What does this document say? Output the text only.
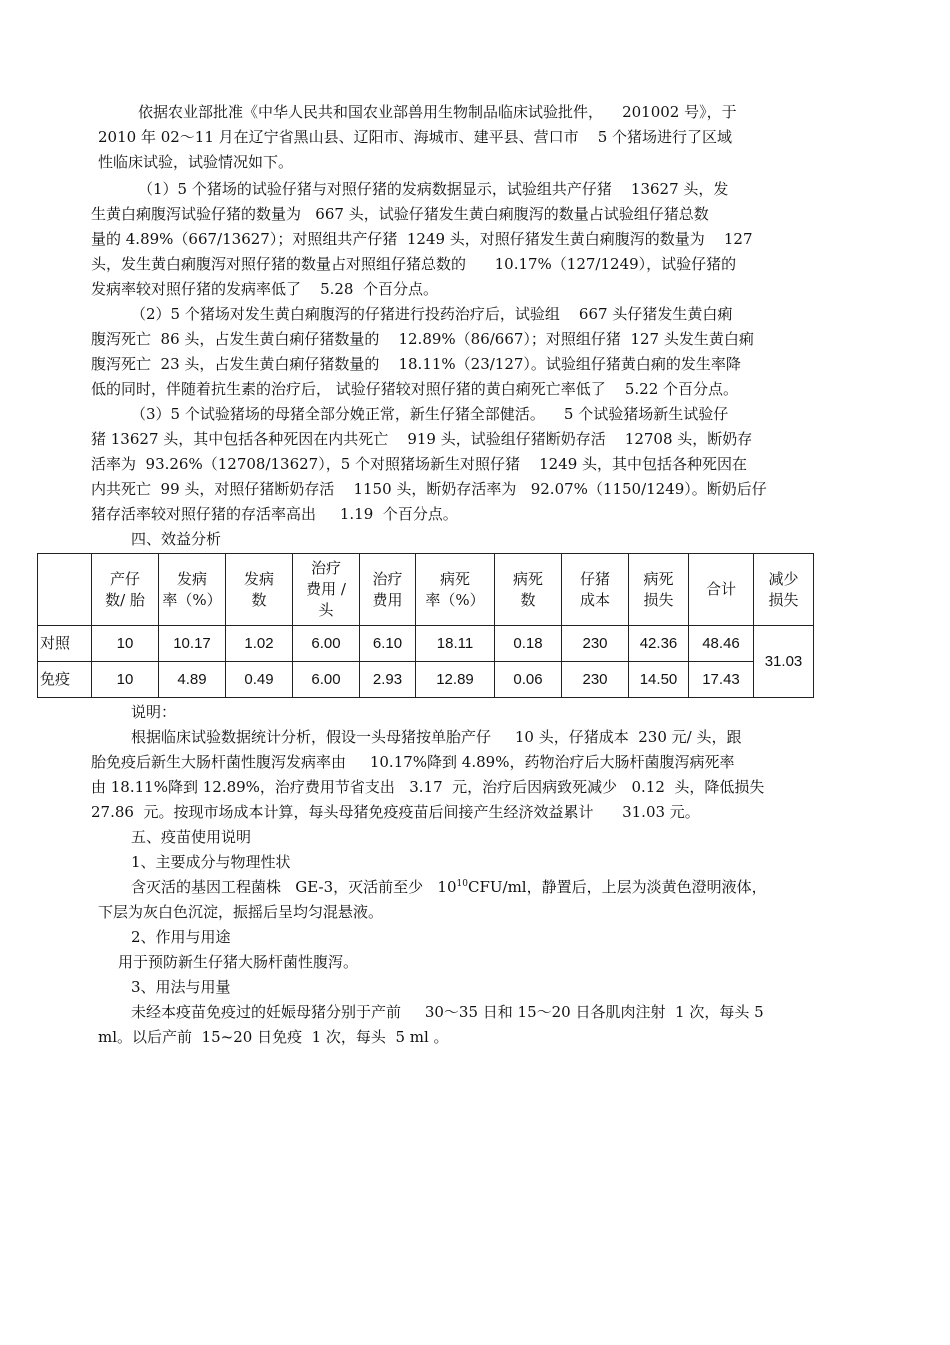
依据农业部批准《中华人民共和国农业部兽用生物制品临床试验批件，    201002 号》，于
2010 年 02～11 月在辽宁省黑山县、辽阳市、海城市、建平县、营口市    5 个猪场进行了区域
性临床试验，试验情况如下。
（1）5 个猪场的试验仔猪与对照仔猪的发病数据显示，试验组共产仔猪    13627 头，发
生黄白痢腹泻试验仔猪的数量为   667 头，试验仔猪发生黄白痢腹泻的数量占试验组仔猪总数
量的 4.89%（667/13627）；对照组共产仔猪  1249 头，对照仔猪发生黄白痢腹泻的数量为    127
头，发生黄白痢腹泻对照仔猪的数量占对照组仔猪总数的      10.17%（127/1249），试验仔猪的
发病率较对照仔猪的发病率低了    5.28  个百分点。
（2）5 个猪场对发生黄白痢腹泻的仔猪进行投药治疗后，试验组    667 头仔猪发生黄白痢
腹泻死亡  86 头，占发生黄白痢仔猪数量的    12.89%（86/667）；对照组仔猪  127 头发生黄白痢
腹泻死亡  23 头，占发生黄白痢仔猪数量的    18.11%（23/127）。试验组仔猪黄白痢的发生率降
低的同时，伴随着抗生素的治疗后， 试验仔猪较对照仔猪的黄白痢死亡率低了    5.22 个百分点。
（3）5 个试验猪场的母猪全部分娩正常，新生仔猪全部健活。    5 个试验猪场新生试验仔
猪 13627 头，其中包括各种死因在内共死亡    919 头，试验组仔猪断奶存活    12708 头，断奶存
活率为  93.26%（12708/13627），5 个对照猪场新生对照仔猪    1249 头，其中包括各种死因在
内共死亡  99 头，对照仔猪断奶存活    1150 头，断奶存活率为   92.07%（1150/1249）。断奶后仔
猪存活率较对照仔猪的存活率高出     1.19  个百分点。
四、效益分析
	产仔
数/ 胎	发病
率（%）	发病
数	治疗
费用 /
头	治疗
费用	病死
率（%）	病死
数	仔猪
成本	病死
损失	合计	减少
损失
对照	10	10.17	1.02	6.00	6.10	18.11	0.18	230	42.36	48.46	31.03
免疫	10	4.89	0.49	6.00	2.93	12.89	0.06	230	14.50	17.43	
说明：
根据临床试验数据统计分析，假设一头母猪按单胎产仔     10 头，仔猪成本  230 元/ 头，跟
胎免疫后新生大肠杆菌性腹泻发病率由     10.17%降到 4.89%，药物治疗后大肠杆菌腹泻病死率
由 18.11%降到 12.89%，治疗费用节省支出   3.17  元，治疗后因病致死减少   0.12  头，降低损失
27.86  元。按现市场成本计算，每头母猪免疫疫苗后间接产生经济效益累计      31.03 元。
五、疫苗使用说明
1、主要成分与物理性状
含灭活的基因工程菌株   GE-3，灭活前至少   $10^{10}CFU/ml$，静置后，上层为淡黄色澄明液体，
下层为灰白色沉淀，振摇后呈均匀混悬液。
2、作用与用途
用于预防新生仔猪大肠杆菌性腹泻。
3、用法与用量
未经本疫苗免疫过的妊娠母猪分别于产前     30～35 日和 15～20 日各肌肉注射  1 次，每头 5
ml。以后产前  15~20 日免疫  1 次，每头  5 ml 。
